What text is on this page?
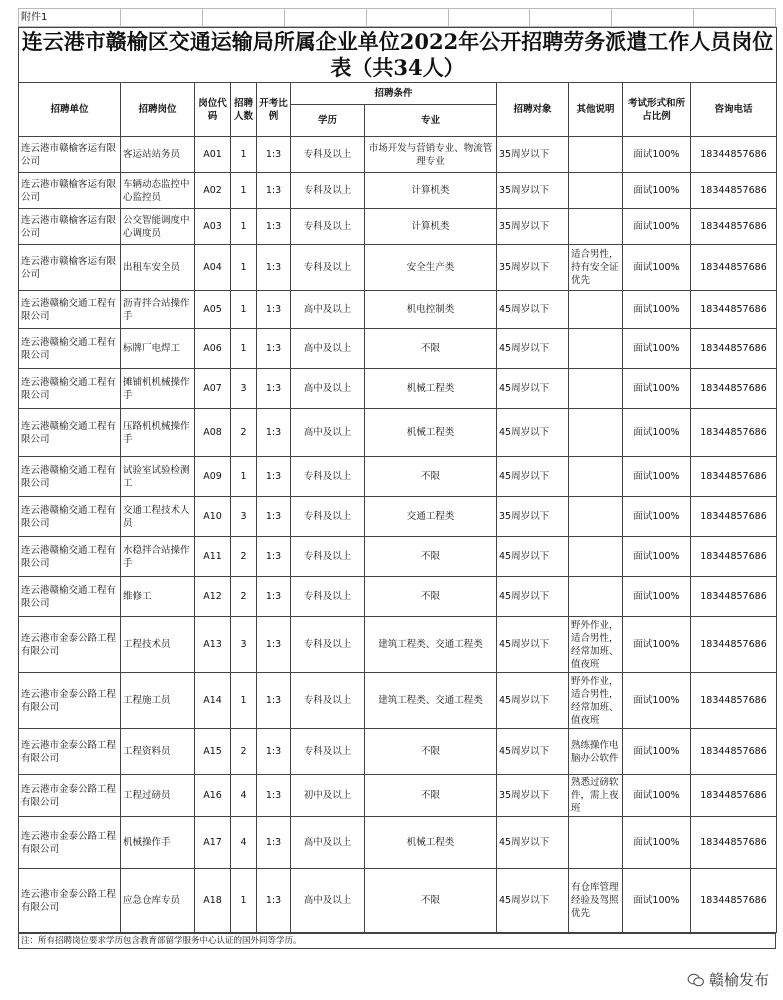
附件1								
连云港市赣榆区交通运输局所属企业单位2022年公开招聘劳务派遣工作人员岗位表（共34人）										
招聘单位	招聘岗位	岗位代码	招聘人数	开考比例	招聘条件		招聘对象	其他说明	考试形式和所占比例	咨询电话
					学历	专业				
连云港市赣榆客运有限公司	客运站站务员	A01	1	1:3	专科及以上	市场开发与营销专业、物流管理专业	35周岁以下		面试100%	18344857686
连云港市赣榆客运有限公司	车辆动态监控中心监控员	A02	1	1:3	专科及以上	计算机类	35周岁以下		面试100%	18344857686
连云港市赣榆客运有限公司	公交智能调度中心调度员	A03	1	1:3	专科及以上	计算机类	35周岁以下		面试100%	18344857686
连云港市赣榆客运有限公司	出租车安全员	A04	1	1:3	专科及以上	安全生产类	35周岁以下	适合男性，持有安全证优先	面试100%	18344857686
连云港赣榆交通工程有限公司	沥青拌合站操作手	A05	1	1:3	高中及以上	机电控制类	45周岁以下		面试100%	18344857686
连云港赣榆交通工程有限公司	标牌厂电焊工	A06	1	1:3	高中及以上	不限	45周岁以下		面试100%	18344857686
连云港赣榆交通工程有限公司	摊铺机机械操作手	A07	3	1:3	高中及以上	机械工程类	45周岁以下		面试100%	18344857686
连云港赣榆交通工程有限公司	压路机机械操作手	A08	2	1:3	高中及以上	机械工程类	45周岁以下		面试100%	18344857686
连云港赣榆交通工程有限公司	试验室试验检测工	A09	1	1:3	专科及以上	不限	45周岁以下		面试100%	18344857686
连云港赣榆交通工程有限公司	交通工程技术人员	A10	3	1:3	专科及以上	交通工程类	35周岁以下		面试100%	18344857686
连云港赣榆交通工程有限公司	水稳拌合站操作手	A11	2	1:3	专科及以上	不限	45周岁以下		面试100%	18344857686
连云港赣榆交通工程有限公司	维修工	A12	2	1:3	专科及以上	不限	45周岁以下		面试100%	18344857686
连云港市金泰公路工程有限公司	工程技术员	A13	3	1:3	专科及以上	建筑工程类、交通工程类	45周岁以下	野外作业，适合男性，经常加班、值夜班	面试100%	18344857686
连云港市金泰公路工程有限公司	工程施工员	A14	1	1:3	专科及以上	建筑工程类、交通工程类	45周岁以下	野外作业，适合男性，经常加班、值夜班	面试100%	18344857686
连云港市金泰公路工程有限公司	工程资料员	A15	2	1:3	专科及以上	不限	45周岁以下	熟练操作电脑办公软件	面试100%	18344857686
连云港市金泰公路工程有限公司	工程过磅员	A16	4	1:3	初中及以上	不限	35周岁以下	熟悉过磅软件，需上夜班	面试100%	18344857686
连云港市金泰公路工程有限公司	机械操作手	A17	4	1:3	高中及以上	机械工程类	45周岁以下		面试100%	18344857686
连云港市金泰公路工程有限公司	应急仓库专员	A18	1	1:3	高中及以上	不限	45周岁以下	有仓库管理经验及驾照优先	面试100%	18344857686
注：所有招聘岗位要求学历包含教育部留学服务中心认证的国外同等学历。
赣榆发布
